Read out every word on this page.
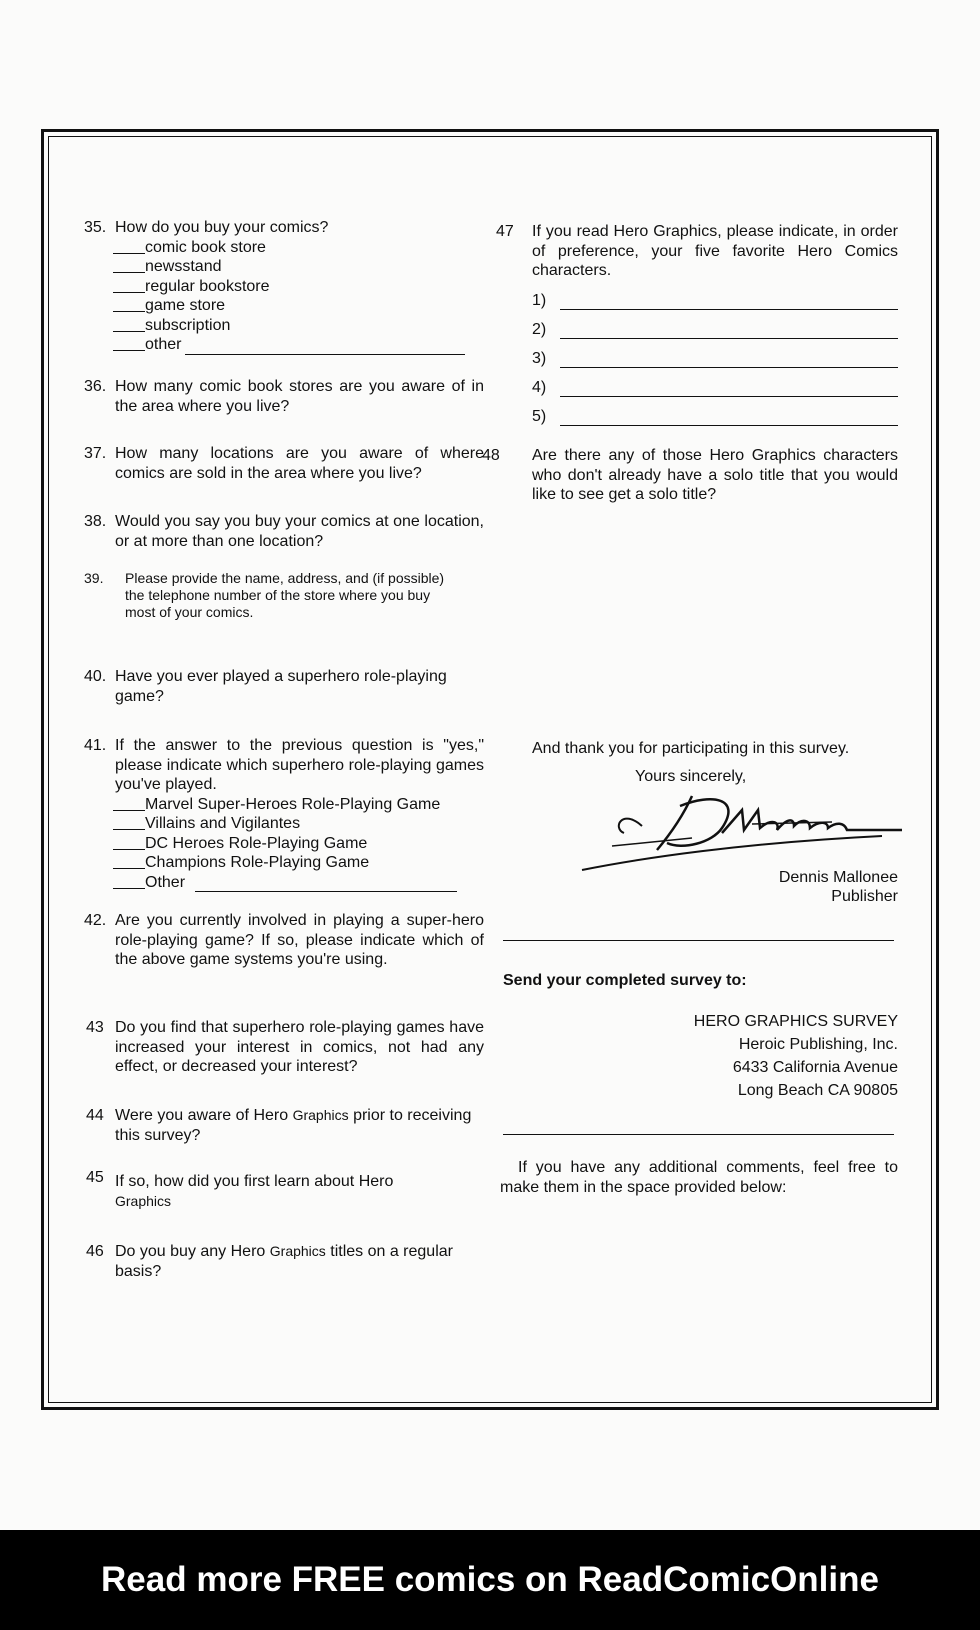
35. How do you buy your comics?
comic book store
newsstand
regular bookstore
game store
subscription
other
36. How many comic book stores are you aware of in the area where you live?
37. How many locations are you aware of where comics are sold in the area where you live?
38. Would you say you buy your comics at one location, or at more than one location?
39.	Please provide the name, address, and (if possible) the telephone number of the store where you buy most of your comics.
40. Have you ever played a superhero role-playing game?
41. If the answer to the previous question is "yes," please indicate which superhero role-playing games you've played.
Marvel Super-Heroes Role-Playing Game
Villains and Vigilantes
DC Heroes Role-Playing Game
Champions Role-Playing Game
Other
42. Are you currently involved in playing a super-hero role-playing game? If so, please indicate which of the above game systems you're using.
43 Do you find that superhero role-playing games have increased your interest in comics, not had any effect, or decreased your interest?
44 Were you aware of Hero Graphics prior to receiving this survey?
45 If so, how did you first learn about Hero
Graphics
46 Do you buy any Hero Graphics titles on a regular basis?
47	If you read Hero Graphics, please indicate, in order of preference, your five favorite Hero Comics characters.
1)
2)
3)
4)
5)
48	Are there any of those Hero Graphics characters who don't already have a solo title that you would like to see get a solo title?
And thank you for participating in this survey.
Yours sincerely,
Dennis Mallonee
Publisher
Send your completed survey to:
HERO GRAPHICS SURVEY
Heroic Publishing, Inc.
6433 California Avenue
Long Beach CA 90805
If you have any additional comments, feel free to make them in the space provided below:
Read more FREE comics on ReadComicOnline
